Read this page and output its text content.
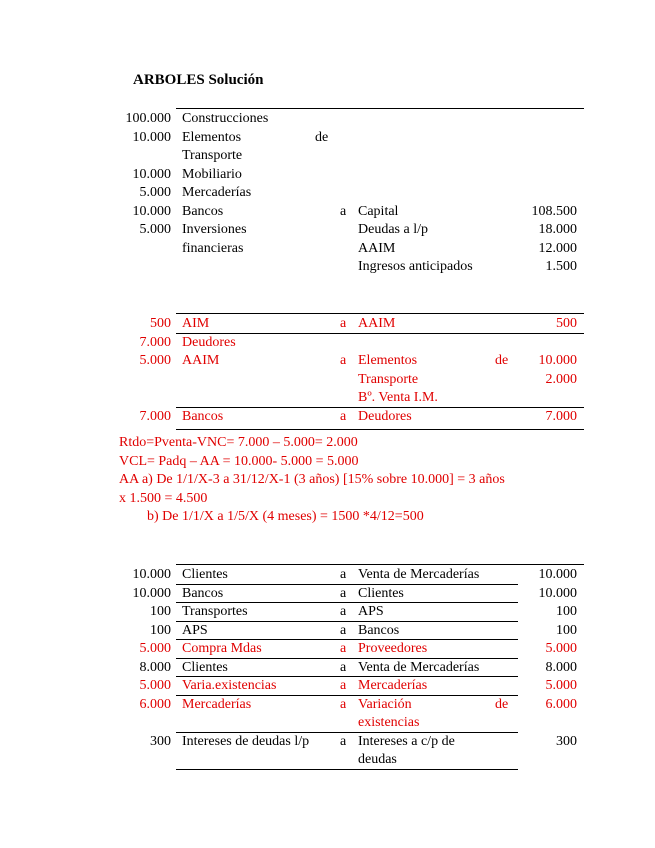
ARBOLES Solución
100.000 Construcciones
10.000 Elementos	de
Transporte
10.000 Mobiliario
5.000 Mercaderías
10.000 Bancos	a Capital	108.500
5.000 Inversiones	Deudas a l/p	18.000
financieras	AAIM	12.000
Ingresos anticipados	1.500
500 AIM	a AAIM	500
7.000 Deudores
5.000 AAIM	a Elementos	de	10.000
Transporte	2.000
Bº. Venta I.M.
7.000 Bancos	a Deudores	7.000
Rtdo=Pventa-VNC= 7.000 – 5.000= 2.000
VCL= Padq – AA = 10.000- 5.000 = 5.000
AA a) De 1/1/X-3 a 31/12/X-1 (3 años) [15% sobre 10.000] = 3 años
x 1.500 = 4.500
b) De 1/1/X a 1/5/X (4 meses) = 1500 *4/12=500
10.000 Clientes	a Venta de Mercaderías	10.000
10.000 Bancos	a Clientes	10.000
100 Transportes	a APS	100
100 APS	a Bancos	100
5.000 Compra Mdas	a Proveedores	5.000
8.000 Clientes	a Venta de Mercaderías	8.000
5.000 Varia.existencias	a Mercaderías	5.000
6.000 Mercaderías	a Variación	de	6.000
existencias
300 Intereses de deudas l/p	a Intereses a c/p de	300
deudas
